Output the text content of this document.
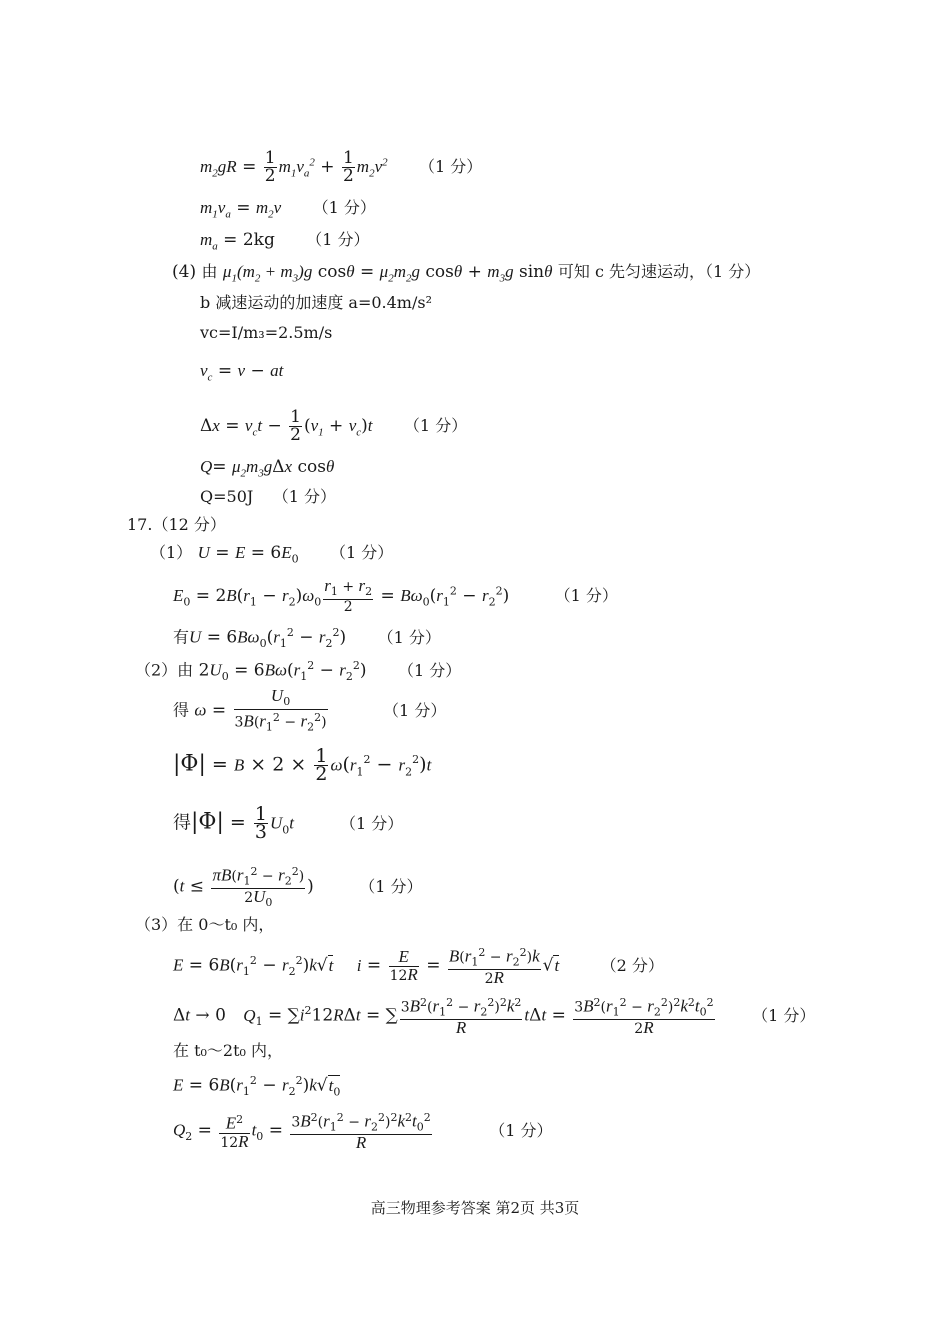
$m_2gR = \frac{1}{2} m_1v_a^2 + \frac{1}{2} m_2v^2$ （1 分）
$m_1v_a = m_2v$ （1 分）
$m_a = 2kg$ （1 分）
(4) 由 $\mu_1(m_2 + m_3)g$ $\cos\theta = \mu_2m_2g$ $\cos\theta + m_3g$ sinθ 可知 c 先匀速运动，（1 分）
b 减速运动的加速度 a=0.4m/s²
vc=I/m₃=2.5m/s
$v_c = v$ − at
$\Delta x = v_ct - \frac{1}{2} (v_1 + v_c)t$ （1 分）
$Q= \mu_2m_3g\Delta x$ cosθ
Q=50J （1 分）
17.（12 分）
（1） $U = E = 6E_0$ （1 分）
$E_0 = 2B(r_1 - r_2)\omega_0 \frac{r_1 + r_2}{2} = B\omega_0(r_1^2 - r_2^2)$	（1 分）
有$U = 6B\omega_0(r_1^2 - r_2^2)$ （1 分）
（2）由 $2U_0 = 6B\omega(r_1^2 - r_2^2)$ （1 分）
得 $\omega = \frac{U_0}{3B(r_1^2 - r_2^2)}$	（1 分）
$|\Phi| = B \times 2 \times \frac{1}{2} \omega(r_1^2 - r_2^2)t$
得$|\Phi| = \frac{1}{3} U_0t$	（1 分）
($t \le \frac{\pi B(r_1^2 - r_2^2)}{2U_0}$ )	（1 分）
（3）在 0～t₀ 内，
$E = 6B(r_1^2 - r_2^2)k√t$ $i = \frac{E}{12R} = \frac{B(r_1^2 - r_2^2)k}{2R} √t$	（2 分）
Δt → 0 $Q_1 = \sum i^212R\Delta t$ = ∑ $\frac{3B^2(r_1^2 - r_2^2)^2k^2}{R}$ $t\Delta t = \frac{3B^2(r_1^2 - r_2^2)^2k^2t_0^2}{2R} (1$ 分）
在 t₀～2t₀ 内，
$E = 6B(r_1^2 - r_2^2)k√t_0$
$Q_2 = \frac{E^2}{12R} t_0 = \frac{3B^2(r_1^2 - r_2^2)^2k^2t_0^2}{R}$	（1 分）
高三物理参考答案 第2页 共3页
